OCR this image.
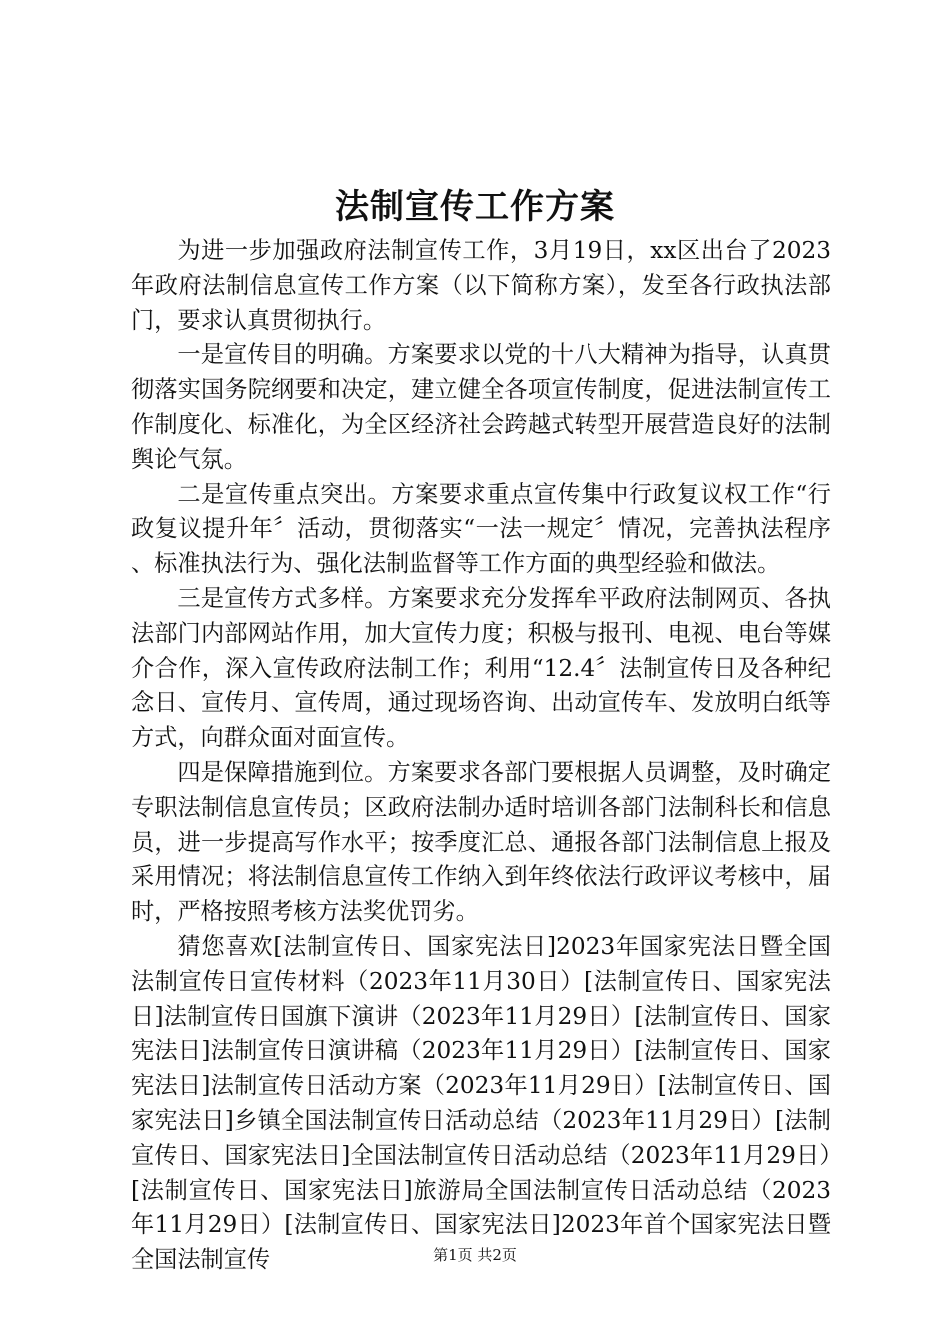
法制宣传工作方案

为进一步加强政府法制宣传工作，3月19日，xx区出台了2023年政府法制信息宣传工作方案（以下简称方案），发至各行政执法部门，要求认真贯彻执行。

一是宣传目的明确。方案要求以党的十八大精神为指导，认真贯彻落实国务院纲要和决定，建立健全各项宣传制度，促进法制宣传工作制度化、标准化，为全区经济社会跨越式转型开展营造良好的法制舆论气氛。

二是宣传重点突出。方案要求重点宣传集中行政复议权工作“行政复议提升年〞活动，贯彻落实“一法一规定〞情况，完善执法程序、标准执法行为、强化法制监督等工作方面的典型经验和做法。

三是宣传方式多样。方案要求充分发挥牟平政府法制网页、各执法部门内部网站作用，加大宣传力度；积极与报刊、电视、电台等媒介合作，深入宣传政府法制工作；利用“12.4〞法制宣传日及各种纪念日、宣传月、宣传周，通过现场咨询、出动宣传车、发放明白纸等方式，向群众面对面宣传。

四是保障措施到位。方案要求各部门要根据人员调整，及时确定专职法制信息宣传员；区政府法制办适时培训各部门法制科长和信息员，进一步提高写作水平；按季度汇总、通报各部门法制信息上报及采用情况；将法制信息宣传工作纳入到年终依法行政评议考核中，届时，严格按照考核方法奖优罚劣。

猜您喜欢[法制宣传日、国家宪法日]2023年国家宪法日暨全国法制宣传日宣传材料（2023年11月30日）[法制宣传日、国家宪法日]法制宣传日国旗下演讲（2023年11月29日）[法制宣传日、国家宪法日]法制宣传日演讲稿（2023年11月29日）[法制宣传日、国家宪法日]法制宣传日活动方案（2023年11月29日）[法制宣传日、国家宪法日]乡镇全国法制宣传日活动总结（2023年11月29日）[法制宣传日、国家宪法日]全国法制宣传日活动总结（2023年11月29日）[法制宣传日、国家宪法日]旅游局全国法制宣传日活动总结（2023年11月29日）[法制宣传日、国家宪法日]2023年首个国家宪法日暨全国法制宣传	第1页 共2页
